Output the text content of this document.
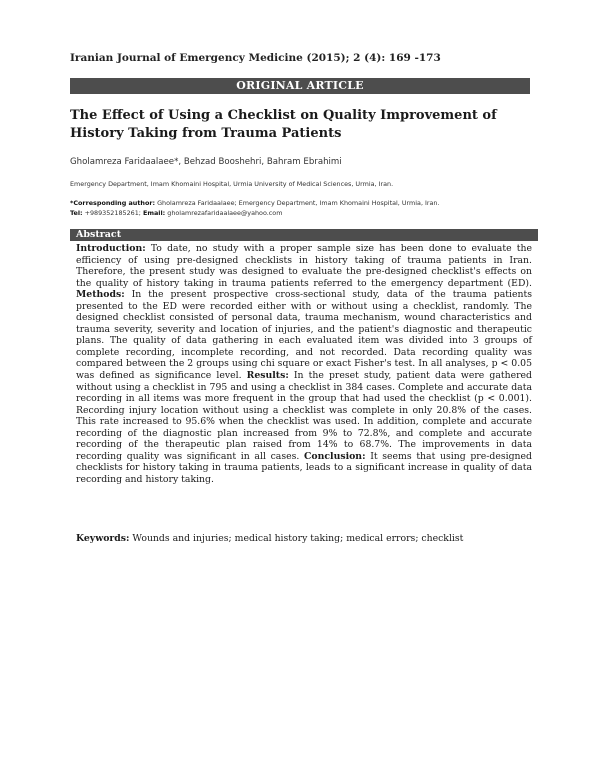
Iranian Journal of Emergency Medicine (2015); 2 (4): 169 -173
ORIGINAL ARTICLE
The Effect of Using a Checklist on Quality Improvement of History Taking from Trauma Patients
Gholamreza Faridaalaee*, Behzad Booshehri, Bahram Ebrahimi
Emergency Department, Imam Khomaini Hospital, Urmia University of Medical Sciences, Urmia, Iran.
*Corresponding author: Gholamreza Faridaalaee; Emergency Department, Imam Khomaini Hospital, Urmia, Iran.
Tel: +989352185261; Email: gholamrezafaridaalaee@yahoo.com
Abstract
Introduction: To date, no study with a proper sample size has been done to evaluate the efficiency of using pre-designed checklists in history taking of trauma patients in Iran. Therefore, the present study was designed to evaluate the pre-designed checklist's effects on the quality of history taking in trauma patients referred to the emergency department (ED). Methods: In the present prospective cross-sectional study, data of the trauma patients presented to the ED were recorded either with or without using a checklist, randomly. The designed checklist consisted of personal data, trauma mechanism, wound characteristics and trauma severity, severity and location of injuries, and the patient's diagnostic and therapeutic plans. The quality of data gathering in each evaluated item was divided into 3 groups of complete recording, incomplete recording, and not recorded. Data recording quality was compared between the 2 groups using chi square or exact Fisher's test. In all analyses, p < 0.05 was defined as significance level. Results: In the preset study, patient data were gathered without using a checklist in 795 and using a checklist in 384 cases. Complete and accurate data recording in all items was more frequent in the group that had used the checklist (p < 0.001). Recording injury location without using a checklist was complete in only 20.8% of the cases. This rate increased to 95.6% when the checklist was used. In addition, complete and accurate recording of the diagnostic plan increased from 9% to 72.8%, and complete and accurate recording of the therapeutic plan raised from 14% to 68.7%. The improvements in data recording quality was significant in all cases. Conclusion: It seems that using pre-designed checklists for history taking in trauma patients, leads to a significant increase in quality of data recording and history taking.
Keywords: Wounds and injuries; medical history taking; medical errors; checklist
